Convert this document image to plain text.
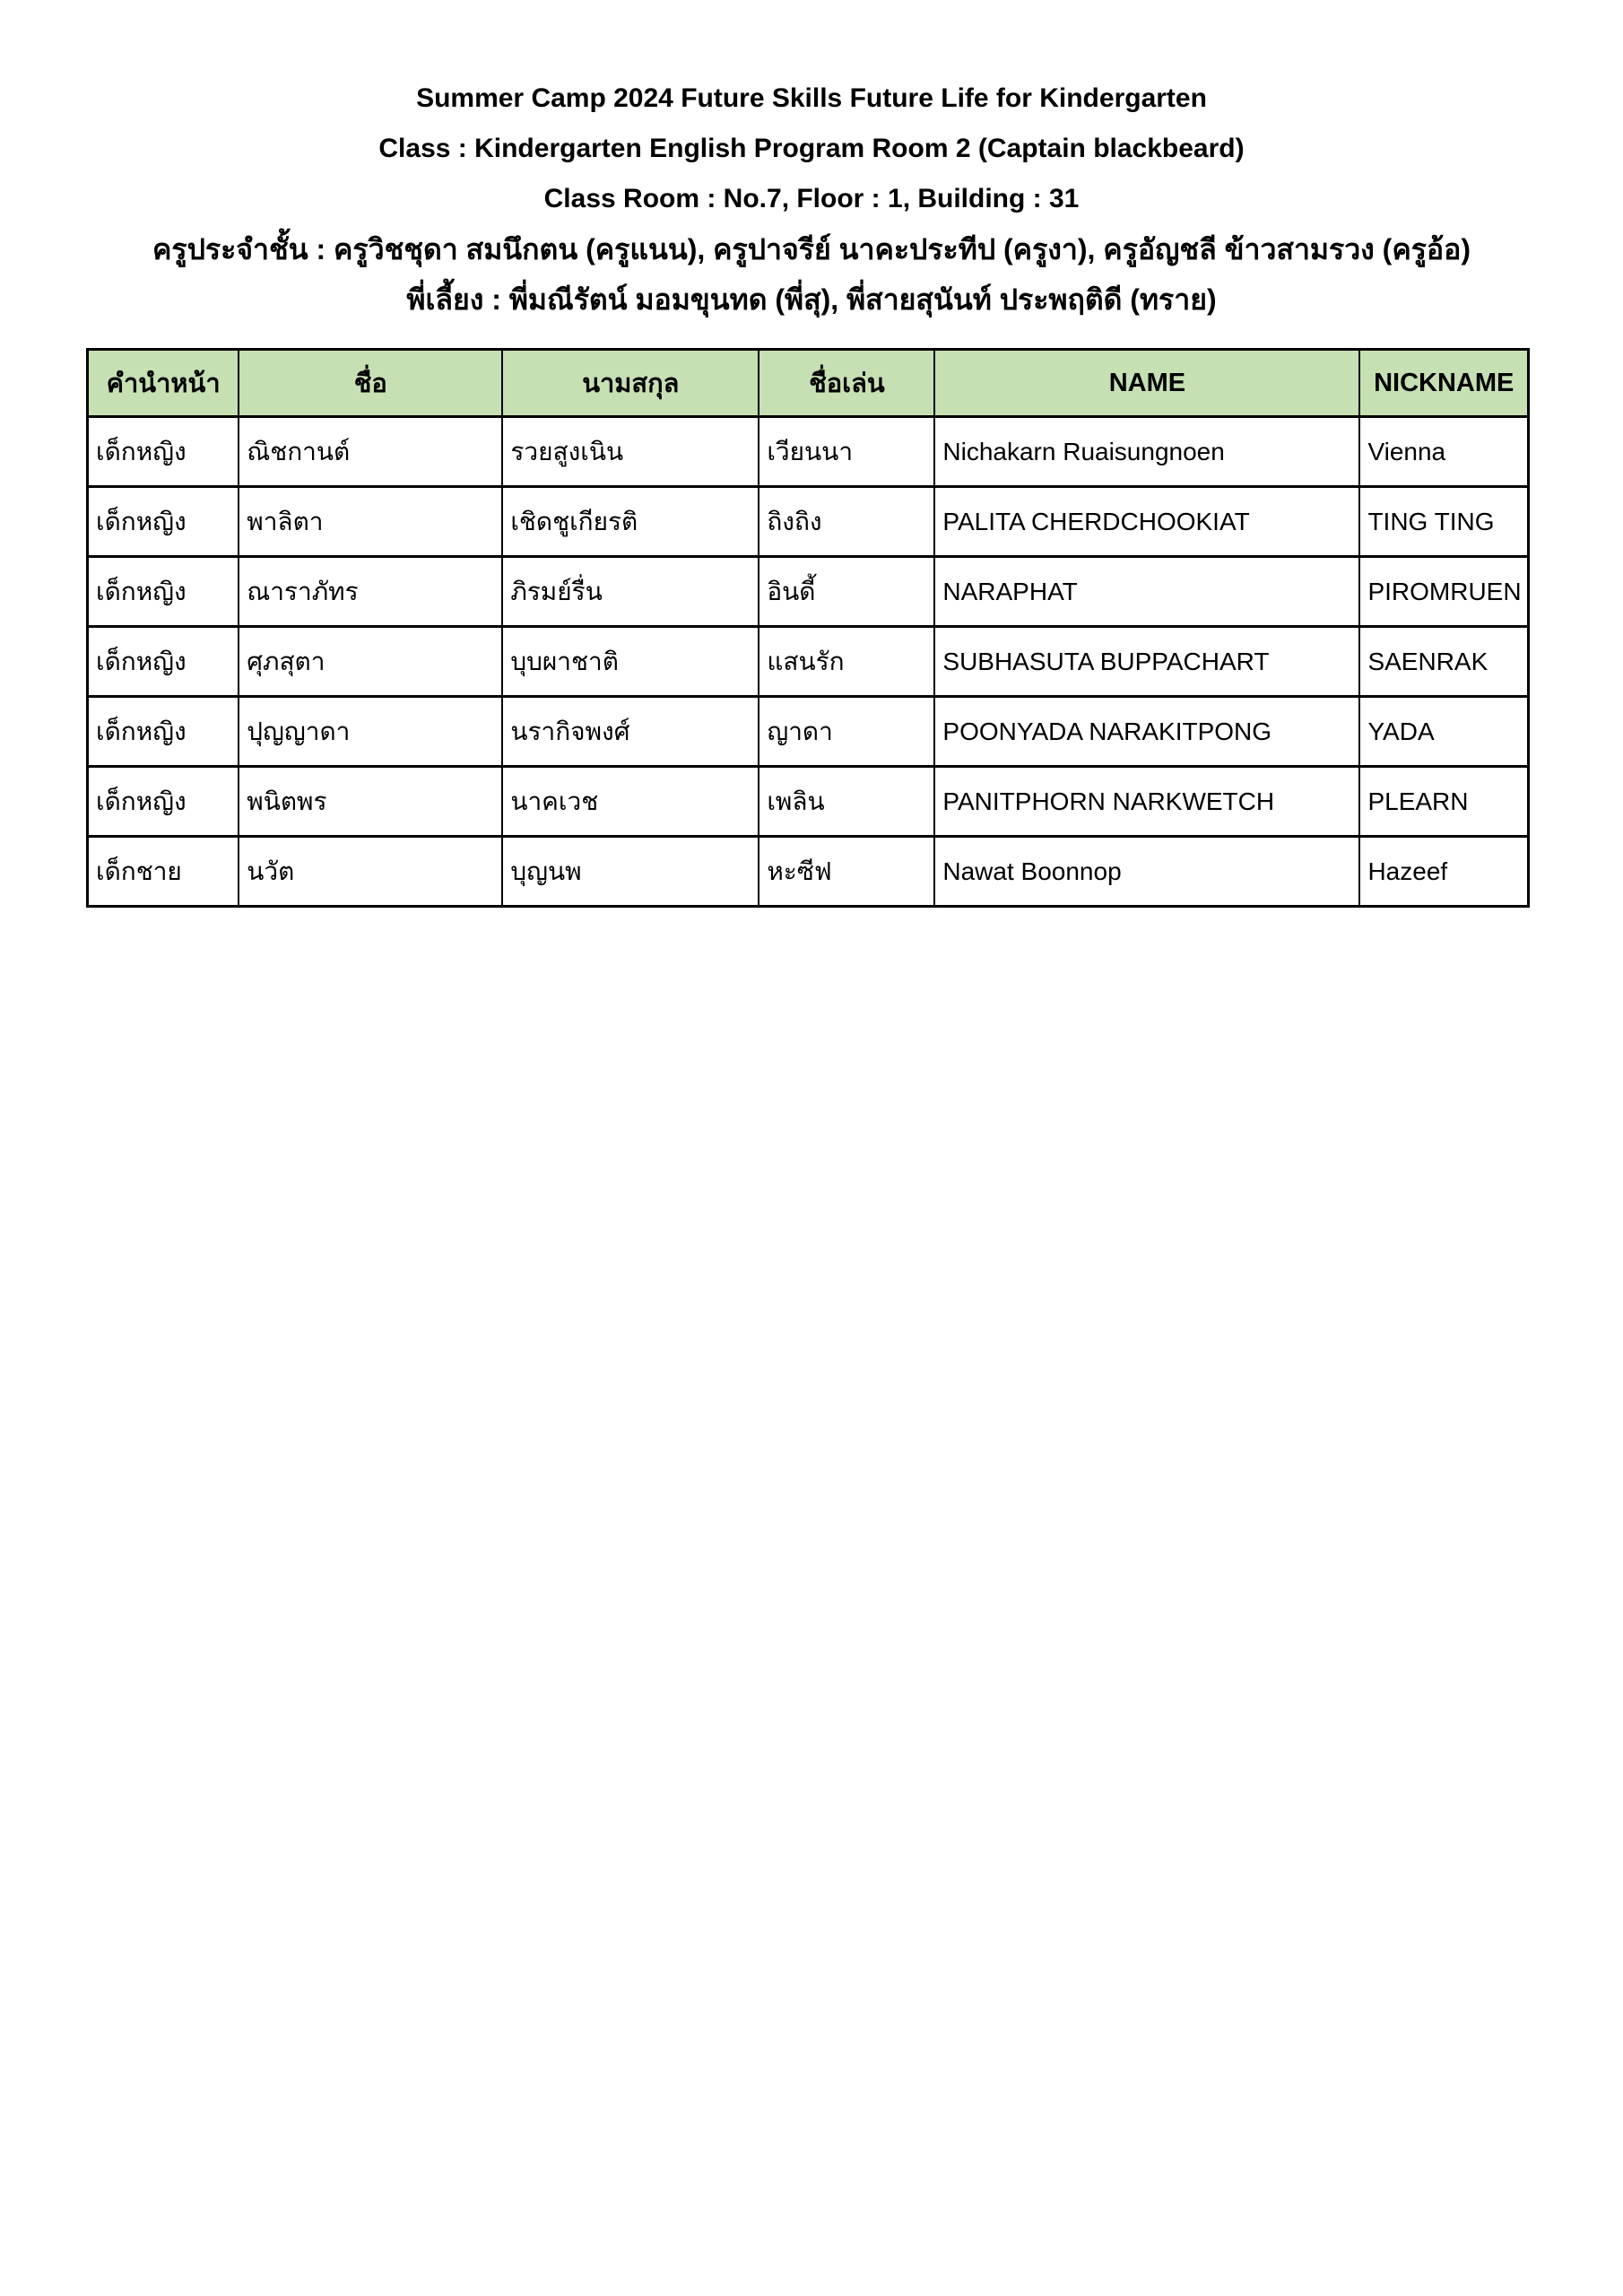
Summer Camp 2024 Future Skills Future Life for Kindergarten
Class : Kindergarten English Program Room 2 (Captain blackbeard)
Class Room : No.7, Floor : 1, Building : 31
ครูประจำชั้น : ครูวิชชุดา สมนึกตน (ครูแนน), ครูปาจรีย์ นาคะประทีป (ครูงา), ครูอัญชลี ข้าวสามรวง (ครูอ้อ)
พี่เลี้ยง : พี่มณีรัตน์ มอมขุนทด (พี่สุ), พี่สายสุนันท์ ประพฤติดี (ทราย)
คำนำหน้า	ชื่อ	นามสกุล	ชื่อเล่น	NAME	NICKNAME
เด็กหญิง	ณิชกานต์	รวยสูงเนิน	เวียนนา	Nichakarn Ruaisungnoen	Vienna
เด็กหญิง	พาลิตา	เชิดชูเกียรติ	ถิงถิง	PALITA CHERDCHOOKIAT	TING TING
เด็กหญิง	ณาราภัทร	ภิรมย์รื่น	อินดี้	NARAPHAT	PIROMRUEN
เด็กหญิง	ศุภสุตา	บุบผาชาติ	แสนรัก	SUBHASUTA BUPPACHART	SAENRAK
เด็กหญิง	ปุญญาดา	นรากิจพงศ์	ญาดา	POONYADA NARAKITPONG	YADA
เด็กหญิง	พนิตพร	นาคเวช	เพลิน	PANITPHORN NARKWETCH	PLEARN
เด็กชาย	นวัต	บุญนพ	หะซีฟ	Nawat Boonnop	Hazeef
